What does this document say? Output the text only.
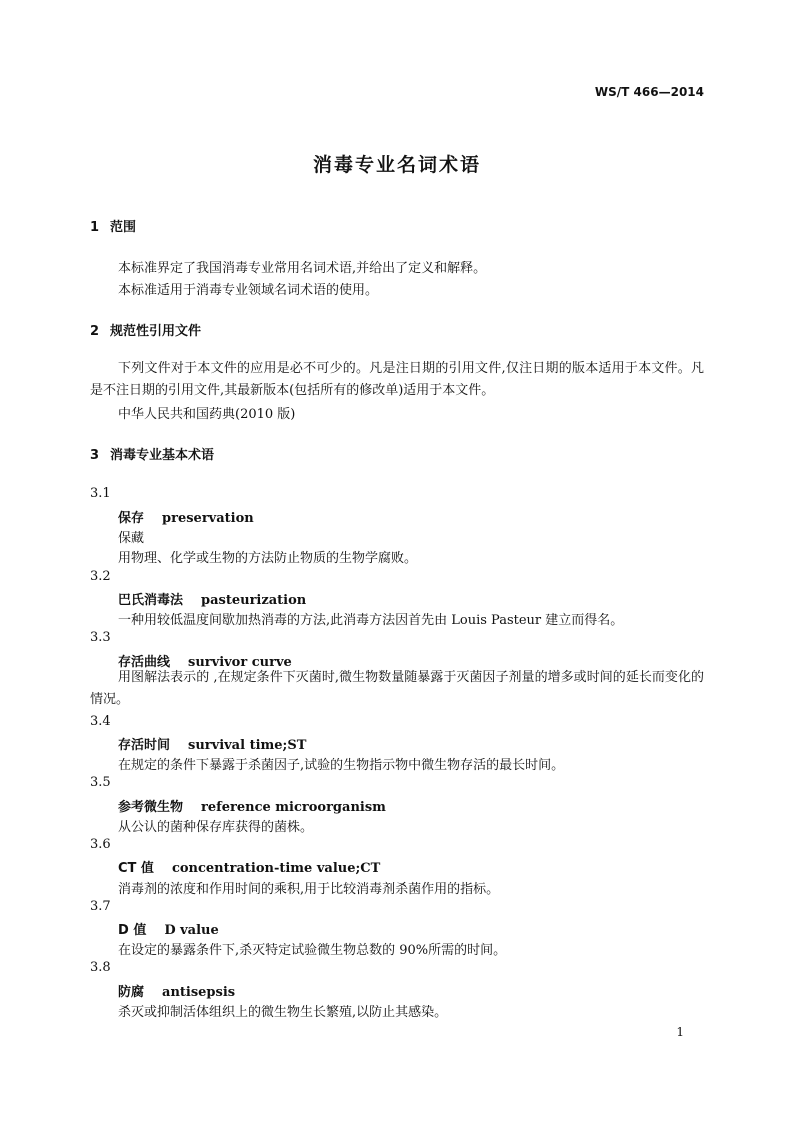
WS/T 466—2014
消毒专业名词术语
1 范围
本标准界定了我国消毒专业常用名词术语,并给出了定义和解释。
本标准适用于消毒专业领域名词术语的使用。
2 规范性引用文件
下列文件对于本文件的应用是必不可少的。凡是注日期的引用文件,仅注日期的版本适用于本文件。凡是不注日期的引用文件,其最新版本(包括所有的修改单)适用于本文件。
中华人民共和国药典(2010 版)
3 消毒专业基本术语
3.1
保存 preservation
保藏
用物理、化学或生物的方法防止物质的生物学腐败。
3.2
巴氏消毒法 pasteurization
一种用较低温度间歇加热消毒的方法,此消毒方法因首先由 Louis Pasteur 建立而得名。
3.3
存活曲线 survivor curve
用图解法表示的 ,在规定条件下灭菌时,微生物数量随暴露于灭菌因子剂量的增多或时间的延长而变化的情况。
3.4
存活时间 survival time;ST
在规定的条件下暴露于杀菌因子,试验的生物指示物中微生物存活的最长时间。
3.5
参考微生物 reference microorganism
从公认的菌种保存库获得的菌株。
3.6
CT 值 concentration-time value;CT
消毒剂的浓度和作用时间的乘积,用于比较消毒剂杀菌作用的指标。
3.7
D 值 D value
在设定的暴露条件下,杀灭特定试验微生物总数的 90%所需的时间。
3.8
防腐 antisepsis
杀灭或抑制活体组织上的微生物生长繁殖,以防止其感染。
1
